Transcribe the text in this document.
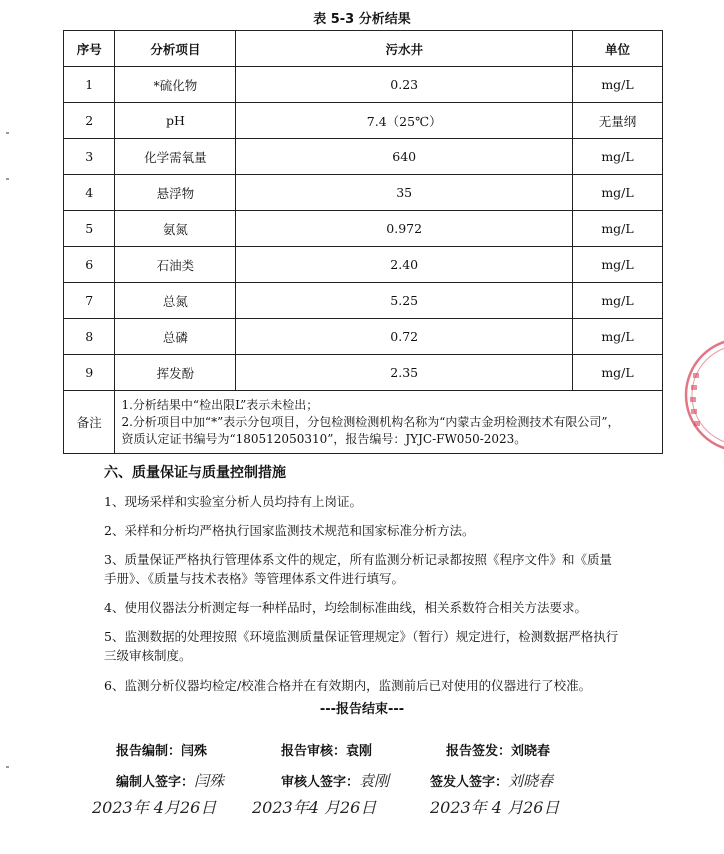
表 5-3 分析结果
序号	分析项目	污水井	单位
1	*硫化物	0.23	mg/L
2	pH	7.4（25℃）	无量纲
3	化学需氧量	640	mg/L
4	悬浮物	35	mg/L
5	氨氮	0.972	mg/L
6	石油类	2.40	mg/L
7	总氮	5.25	mg/L
8	总磷	0.72	mg/L
9	挥发酚	2.35	mg/L
备注	1.分析结果中“检出限L”表示未检出；
2.分析项目中加“*”表示分包项目，分包检测检测机构名称为“内蒙古金玥检测技术有限公司”，
资质认定证书编号为“180512050310”，报告编号：JYJC-FW050-2023。		
六、质量保证与质量控制措施
1、现场采样和实验室分析人员均持有上岗证。
2、采样和分析均严格执行国家监测技术规范和国家标准分析方法。
3、质量保证严格执行管理体系文件的规定，所有监测分析记录都按照《程序文件》和《质量手册》、《质量与技术表格》等管理体系文件进行填写。
4、使用仪器法分析测定每一种样品时，均绘制标准曲线，相关系数符合相关方法要求。
5、监测数据的处理按照《环境监测质量保证管理规定》（暂行）规定进行，检测数据严格执行三级审核制度。
6、监测分析仪器均检定/校准合格并在有效期内，监测前后已对使用的仪器进行了校准。
---报告结束---
报告编制：闫殊	报告审核：袁刚	报告签发：刘晓春
编制人签字：闫殊	审核人签字：袁刚	签发人签字：刘晓春
2023年 4月26日 2023年4 月26日	2023年 4 月26日
